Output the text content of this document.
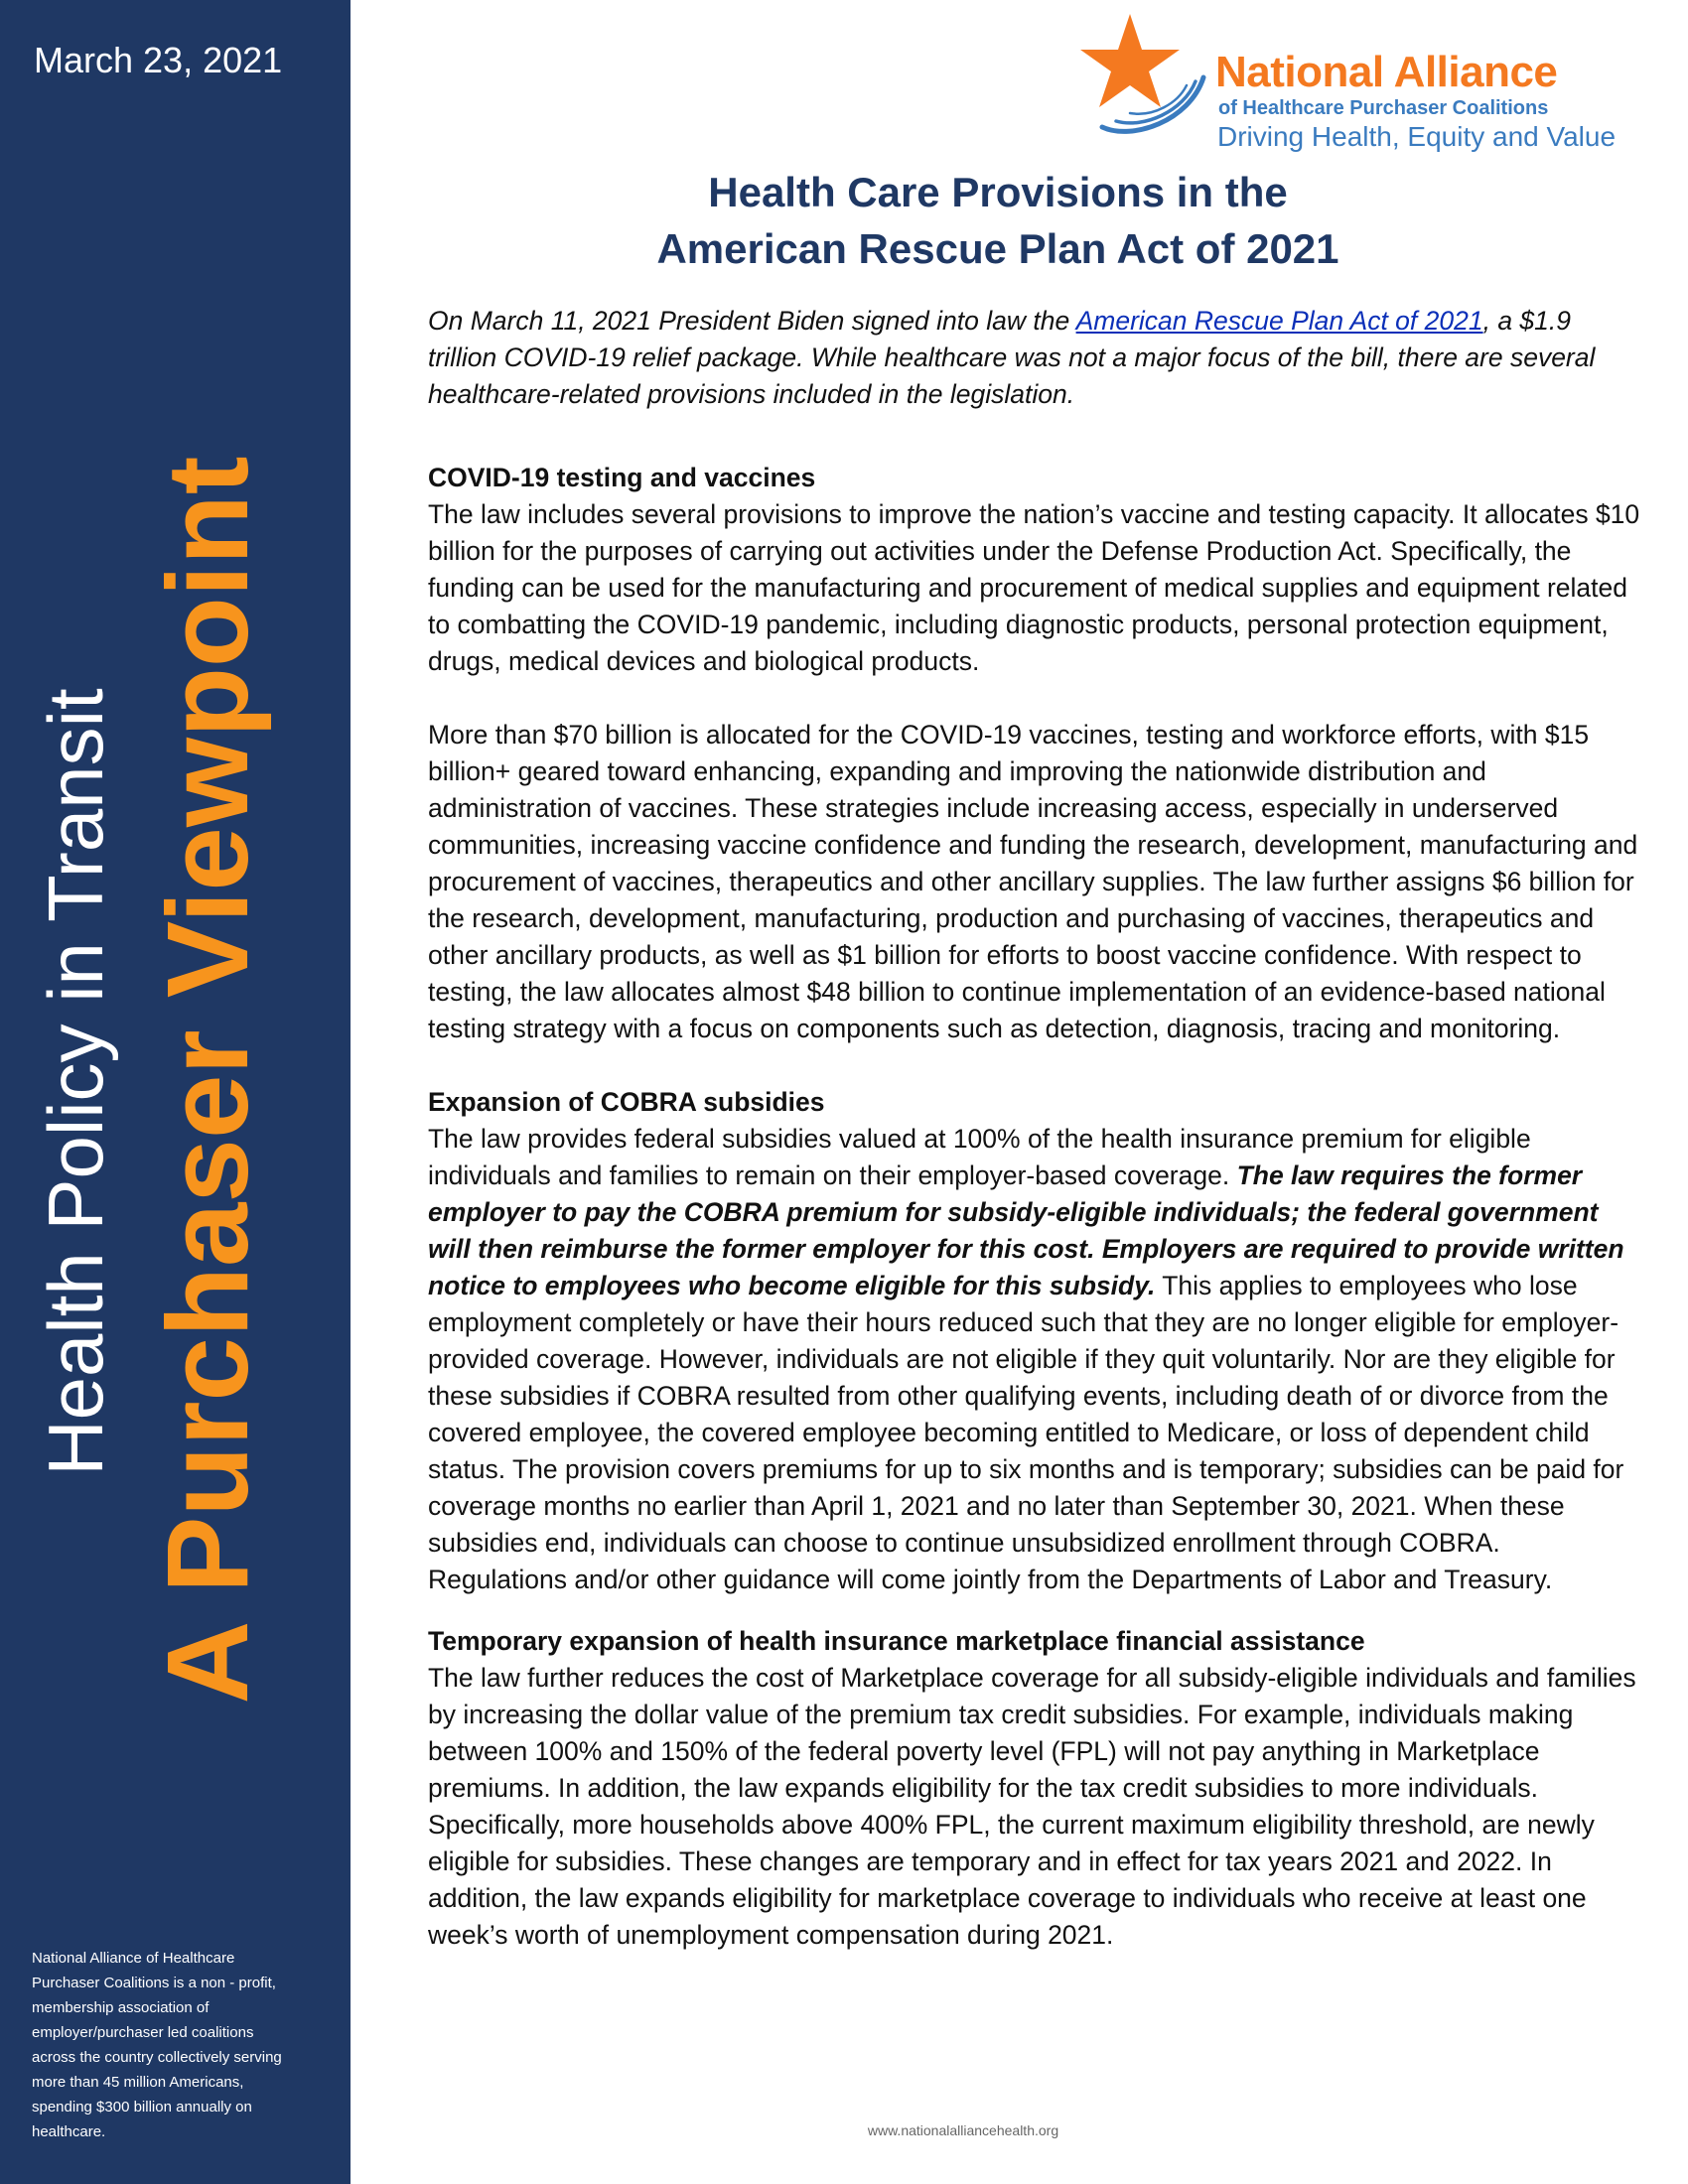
March 23, 2021
Health Policy in Transit A Purchaser Viewpoint
National Alliance of Healthcare Purchaser Coalitions is a non - profit, membership association of employer/purchaser led coalitions across the country collectively serving more than 45 million Americans, spending $300 billion annually on healthcare.
National Alliance
of Healthcare Purchaser Coalitions
Driving Health, Equity and Value
Health Care Provisions in the
American Rescue Plan Act of 2021

On March 11, 2021 President Biden signed into law the American Rescue Plan Act of 2021, a $1.9 trillion COVID-19 relief package. While healthcare was not a major focus of the bill, there are several healthcare-related provisions included in the legislation.

COVID-19 testing and vaccines

The law includes several provisions to improve the nation’s vaccine and testing capacity. It allocates $10 billion for the purposes of carrying out activities under the Defense Production Act. Specifically, the funding can be used for the manufacturing and procurement of medical supplies and equipment related to combatting the COVID-19 pandemic, including diagnostic products, personal protection equipment, drugs, medical devices and biological products.

More than $70 billion is allocated for the COVID-19 vaccines, testing and workforce efforts, with $15 billion+ geared toward enhancing, expanding and improving the nationwide distribution and administration of vaccines. These strategies include increasing access, especially in underserved communities, increasing vaccine confidence and funding the research, development, manufacturing and procurement of vaccines, therapeutics and other ancillary supplies. The law further assigns $6 billion for the research, development, manufacturing, production and purchasing of vaccines, therapeutics and other ancillary products, as well as $1 billion for efforts to boost vaccine confidence. With respect to testing, the law allocates almost $48 billion to continue implementation of an evidence-based national testing strategy with a focus on components such as detection, diagnosis, tracing and monitoring.

Expansion of COBRA subsidies

The law provides federal subsidies valued at 100% of the health insurance premium for eligible individuals and families to remain on their employer-based coverage. The law requires the former employer to pay the COBRA premium for subsidy-eligible individuals; the federal government will then reimburse the former employer for this cost. Employers are required to provide written notice to employees who become eligible for this subsidy. This applies to employees who lose employment completely or have their hours reduced such that they are no longer eligible for employer-provided coverage. However, individuals are not eligible if they quit voluntarily. Nor are they eligible for these subsidies if COBRA resulted from other qualifying events, including death of or divorce from the covered employee, the covered employee becoming entitled to Medicare, or loss of dependent child status. The provision covers premiums for up to six months and is temporary; subsidies can be paid for coverage months no earlier than April 1, 2021 and no later than September 30, 2021. When these subsidies end, individuals can choose to continue unsubsidized enrollment through COBRA. Regulations and/or other guidance will come jointly from the Departments of Labor and Treasury.

Temporary expansion of health insurance marketplace financial assistance

The law further reduces the cost of Marketplace coverage for all subsidy-eligible individuals and families by increasing the dollar value of the premium tax credit subsidies. For example, individuals making between 100% and 150% of the federal poverty level (FPL) will not pay anything in Marketplace premiums. In addition, the law expands eligibility for the tax credit subsidies to more individuals. Specifically, more households above 400% FPL, the current maximum eligibility threshold, are newly eligible for subsidies. These changes are temporary and in effect for tax years 2021 and 2022. In addition, the law expands eligibility for marketplace coverage to individuals who receive at least one week’s worth of unemployment compensation during 2021.

www.nationalalliancehealth.org
